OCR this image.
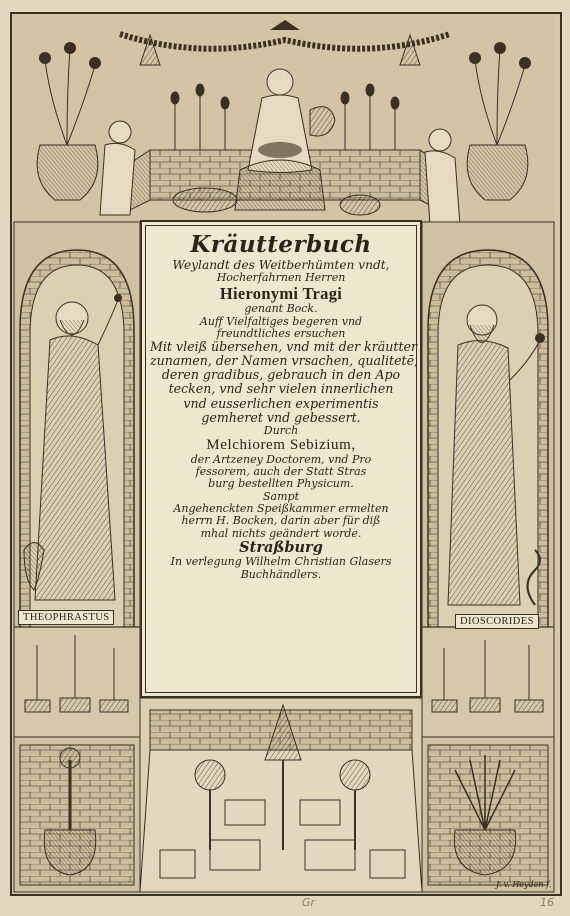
THEOPHRASTUS	DIOSCORIDES
Kräutterbuch
Weylandt des Weitberhümten vndt,
Hocherfahrnen Herren
Hieronymi Tragi
genant Bock.
Auff Vielfaltiges begeren vnd
freundtliches ersuchen
Mit vleiß übersehen, vnd mit der kräutter
zunamen, der Namen vrsachen, qualitetē,
deren gradibus, gebrauch in den Apo
tecken, vnd sehr vielen innerlichen
vnd eusserlichen experimentis
gemheret vnd gebessert.
Durch
Melchiorem Sebizium,
der Artzeney Doctorem, vnd Pro
fessorem, auch der Statt Stras
burg bestellten Physicum.
Sampt
Angehenckten Speißkammer ermelten
herrn H. Bocken, darin aber für diß
mhal nichts geändert worde.
Straßburg
In verlegung Wilhelm Christian Glasers
Buchhändlers.
J. v. Heyden f.
Gr	16
